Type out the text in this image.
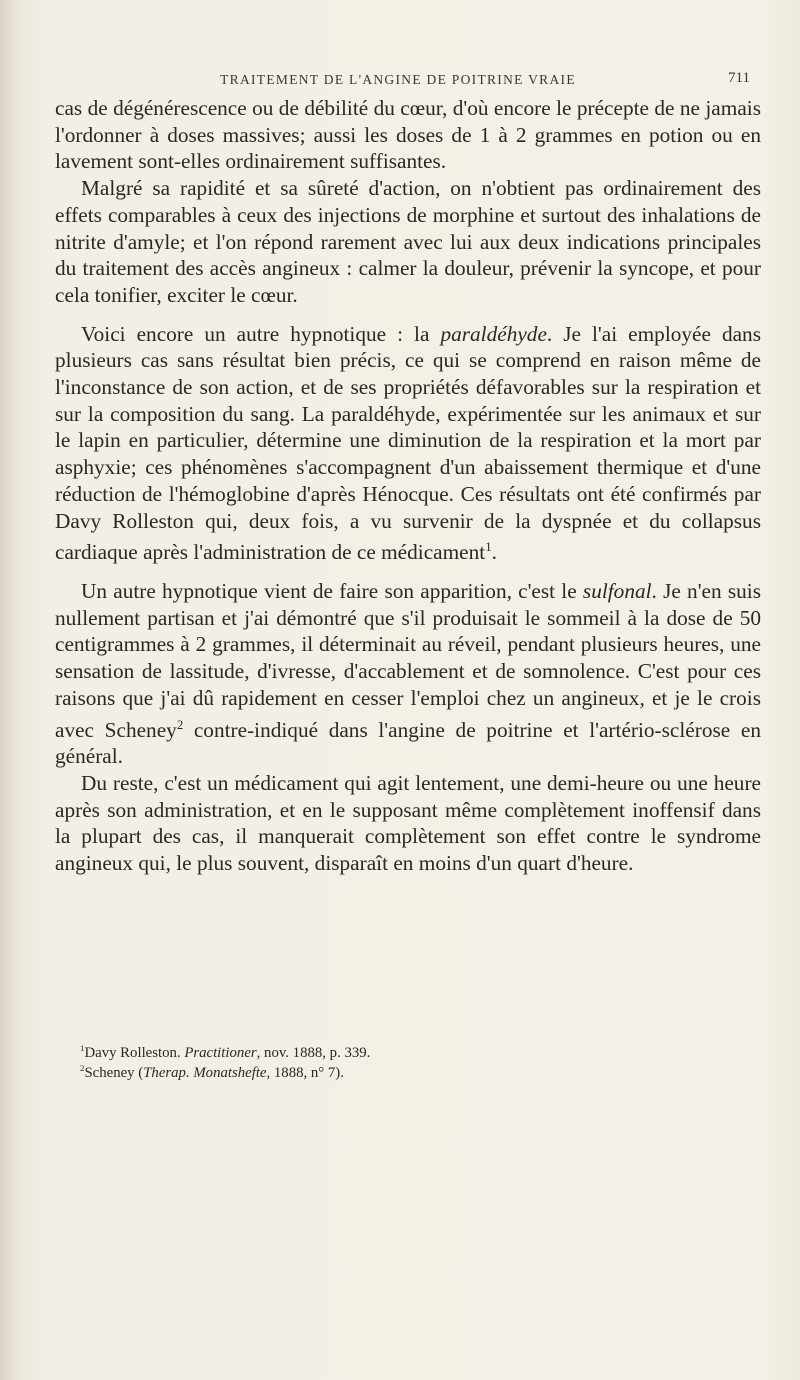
TRAITEMENT DE L'ANGINE DE POITRINE VRAIE	711

cas de dégénérescence ou de débilité du cœur, d'où encore le précepte de ne jamais l'ordonner à doses massives; aussi les doses de 1 à 2 grammes en potion ou en lavement sont-elles ordinairement suffisantes.

Malgré sa rapidité et sa sûreté d'action, on n'obtient pas ordinairement des effets comparables à ceux des injections de morphine et surtout des inhalations de nitrite d'amyle; et l'on répond rarement avec lui aux deux indications principales du traitement des accès angineux : calmer la douleur, prévenir la syncope, et pour cela tonifier, exciter le cœur.

Voici encore un autre hypnotique : la paraldéhyde. Je l'ai employée dans plusieurs cas sans résultat bien précis, ce qui se comprend en raison même de l'inconstance de son action, et de ses propriétés défavorables sur la respiration et sur la composition du sang. La paraldéhyde, expérimentée sur les animaux et sur le lapin en particulier, détermine une diminution de la respiration et la mort par asphyxie; ces phénomènes s'accompagnent d'un abaissement thermique et d'une réduction de l'hémoglobine d'après Hénocque. Ces résultats ont été confirmés par Davy Rolleston qui, deux fois, a vu survenir de la dyspnée et du collapsus cardiaque après l'administration de ce médicament$^1$.

Un autre hypnotique vient de faire son apparition, c'est le sulfonal. Je n'en suis nullement partisan et j'ai démontré que s'il produisait le sommeil à la dose de 50 centigrammes à 2 grammes, il déterminait au réveil, pendant plusieurs heures, une sensation de lassitude, d'ivresse, d'accablement et de somnolence. C'est pour ces raisons que j'ai dû rapidement en cesser l'emploi chez un angineux, et je le crois avec Scheney$^2$ contre-indiqué dans l'angine de poitrine et l'artério-sclérose en général.

Du reste, c'est un médicament qui agit lentement, une demi-heure ou une heure après son administration, et en le supposant même complètement inoffensif dans la plupart des cas, il manquerait complètement son effet contre le syndrome angineux qui, le plus souvent, disparaît en moins d'un quart d'heure.

$^1$Davy Rolleston. Practitioner, nov. 1888, p. 339.
$^2$Scheney (Therap. Monatshefte, 1888, n° 7).
